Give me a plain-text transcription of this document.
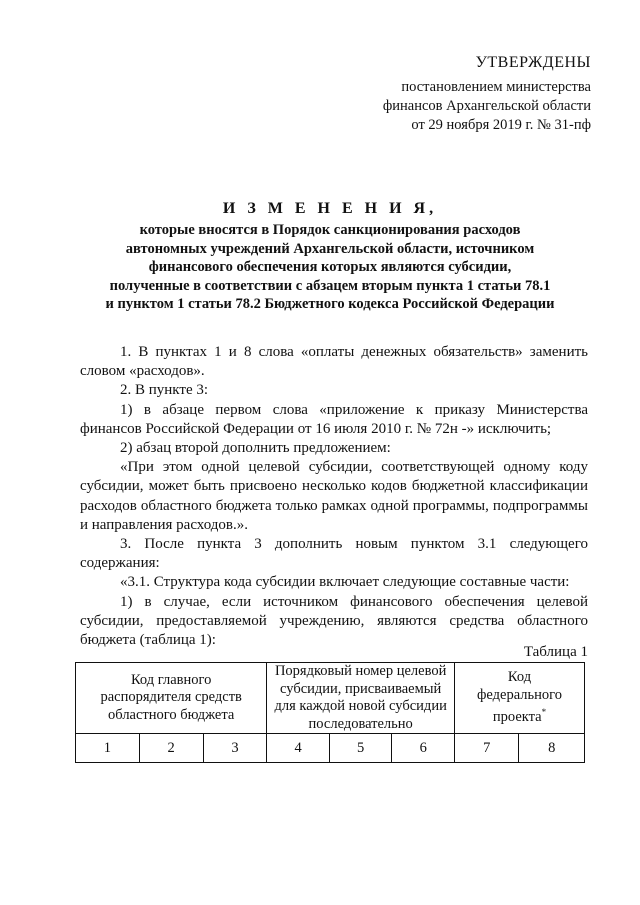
УТВЕРЖДЕНЫ
постановлением министерства
финансов Архангельской области
от 29 ноября 2019 г. № 31-пф
И З М Е Н Е Н И Я,
которые вносятся в Порядок санкционирования расходов
автономных учреждений Архангельской области, источником
финансового обеспечения которых являются субсидии,
полученные в соответствии с абзацем вторым пункта 1 статьи 78.1
и пунктом 1 статьи 78.2 Бюджетного кодекса Российской Федерации

1. В пунктах 1 и 8 слова «оплаты денежных обязательств» заменить словом «расходов».

2. В пункте 3:

1) в абзаце первом слова «приложение к приказу Министерства финансов Российской Федерации от 16 июля 2010 г. № 72н -» исключить;

2) абзац второй дополнить предложением:

«При этом одной целевой субсидии, соответствующей одному коду субсидии, может быть присвоено несколько кодов бюджетной классификации расходов областного бюджета только рамках одной программы, подпрограммы и направления расходов.».

3. После пункта 3 дополнить новым пунктом 3.1 следующего содержания:

«3.1. Структура кода субсидии включает следующие составные части:

1) в случае, если источником финансового обеспечения целевой субсидии, предоставляемой учреждению, являются средства областного бюджета (таблица 1):

Таблица 1
Код главного распорядителя средств областного бюджета			Порядковый номер целевой субсидии, присваиваемый для каждой новой субсидии последовательно			Код федерального проекта*

1	2	3	4	5	6	7	8
